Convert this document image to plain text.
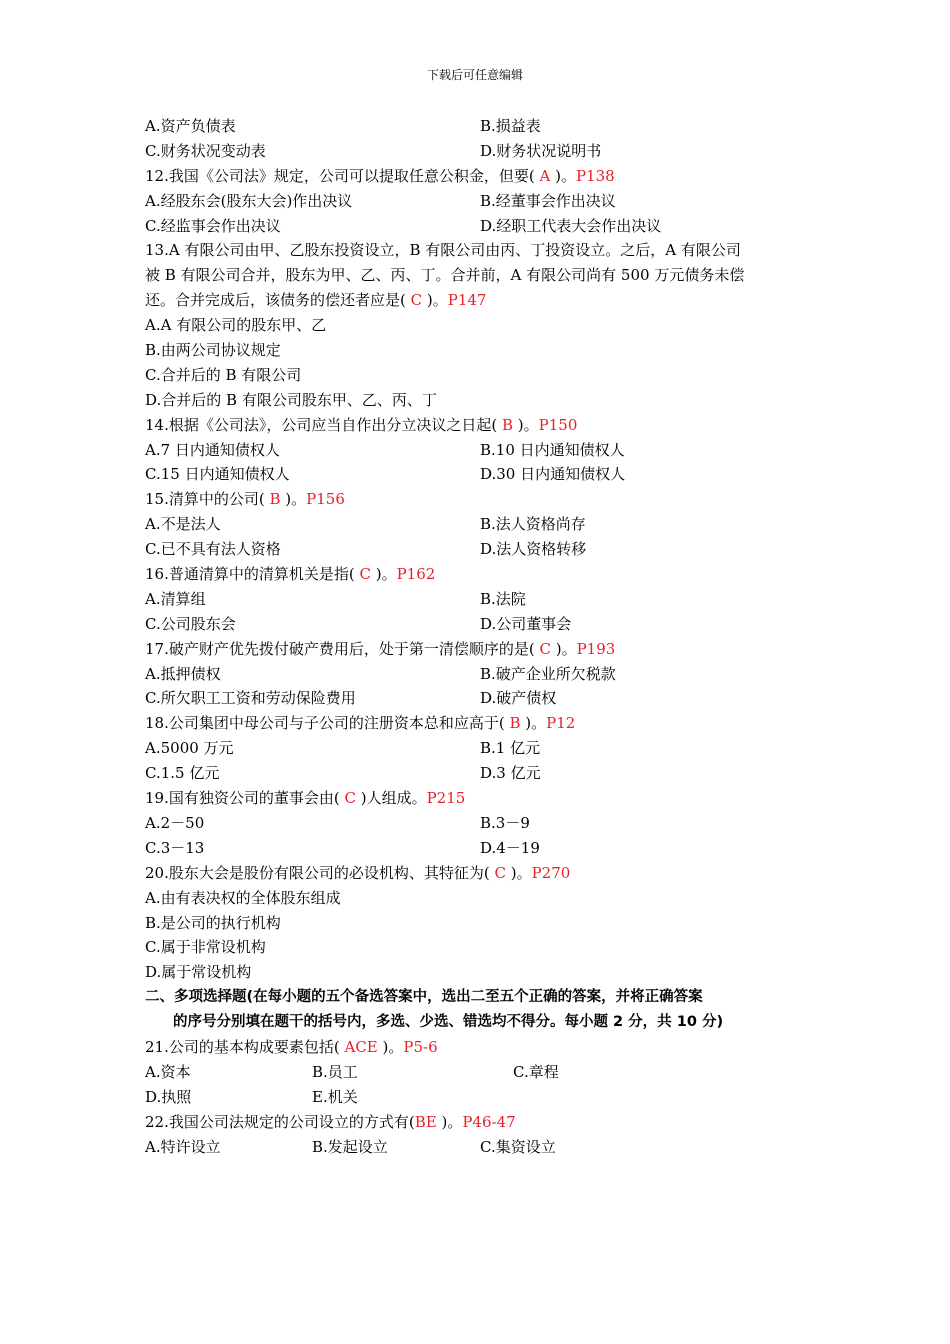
下载后可任意编辑
A.资产负债表	B.损益表
C.财务状况变动表	D.财务状况说明书
12.我国《公司法》规定，公司可以提取任意公积金，但要( A )。P138
A.经股东会(股东大会)作出决议	B.经董事会作出决议
C.经监事会作出决议	D.经职工代表大会作出决议
13.A 有限公司由甲、乙股东投资设立，B 有限公司由丙、丁投资设立。之后，A 有限公司
被 B 有限公司合并，股东为甲、乙、丙、丁。合并前，A 有限公司尚有 500 万元债务未偿
还。合并完成后，该债务的偿还者应是( C )。P147
A.A 有限公司的股东甲、乙
B.由两公司协议规定
C.合并后的 B 有限公司
D.合并后的 B 有限公司股东甲、乙、丙、丁
14.根据《公司法》，公司应当自作出分立决议之日起( B )。P150
A.7 日内通知债权人	B.10 日内通知债权人
C.15 日内通知债权人	D.30 日内通知债权人
15.清算中的公司( B )。P156
A.不是法人	B.法人资格尚存
C.已不具有法人资格	D.法人资格转移
16.普通清算中的清算机关是指( C )。P162
A.清算组	B.法院
C.公司股东会	D.公司董事会
17.破产财产优先拨付破产费用后，处于第一清偿顺序的是( C )。P193
A.抵押债权	B.破产企业所欠税款
C.所欠职工工资和劳动保险费用	D.破产债权
18.公司集团中母公司与子公司的注册资本总和应高于( B )。P12
A.5000 万元	B.1 亿元
C.1.5 亿元	D.3 亿元
19.国有独资公司的董事会由( C )人组成。P215
A.2－50	B.3－9
C.3－13	D.4－19
20.股东大会是股份有限公司的必设机构、其特征为( C )。P270
A.由有表决权的全体股东组成
B.是公司的执行机构
C.属于非常设机构
D.属于常设机构
二、多项选择题(在每小题的五个备选答案中，选出二至五个正确的答案，并将正确答案
的序号分别填在题干的括号内，多选、少选、错选均不得分。每小题 2 分，共 10 分)
21.公司的基本构成要素包括( ACE )。P5-6
A.资本	B.员工	C.章程
D.执照	E.机关
22.我国公司法规定的公司设立的方式有(BE )。P46-47
A.特许设立	B.发起设立	C.集资设立
